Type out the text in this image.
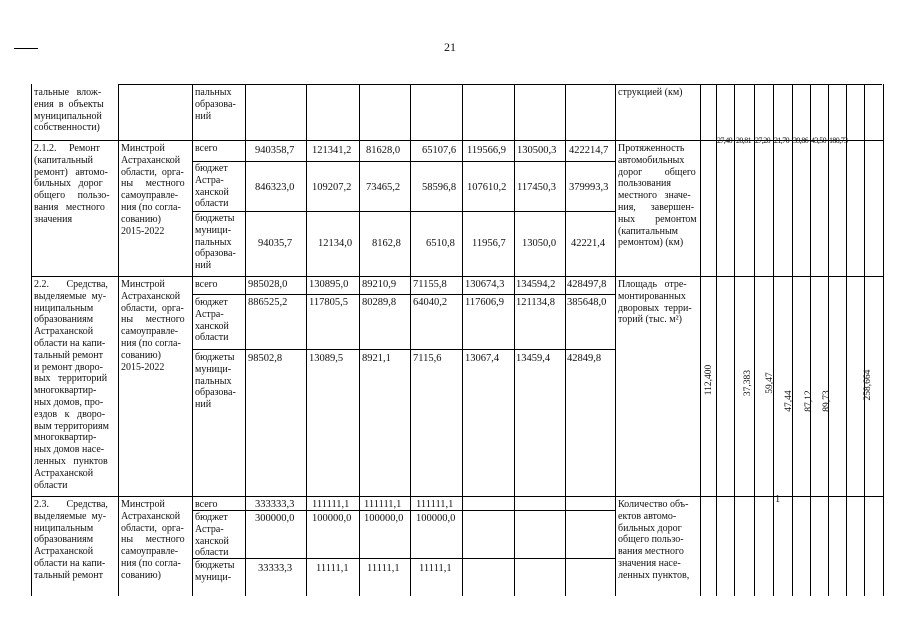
21
тальные   влож-
ения  в  объекты
муниципальной
собственности)
пальных
образова-
ний
струкцией (км)
2.1.2.     Ремонт
(капитальный
ремонт)   автомо-
бильных   дорог
общего     пользо-
вания   местного
значения
Минстрой
Астраханской
области,  орга-
ны     местного
самоуправле-
ния (по согла-
сованию)
2015-2022
всего
бюджет
Астра-
ханской
области
бюджеты
муници-
пальных
образова-
ний
940358,7 121341,2 81628,0 65107,6 119566,9 130500,3 422214,7
846323,0 109207,2 73465,2 58596,8 107610,2 117450,3 379993,3
94035,7 12134,0 8162,8 6510,8 11956,7 13050,0 42221,4
Протяженность
автомобильных
дорог         общего
пользования
местного   значе-
ния,      завершен-
ных        ремонтом
(капитальным
ремонтом) (км)
27,40 20,81 27,20 21,70 39,86 43,50 180,73
2.2.       Средства,
выделяемые  му-
ниципальным
образованиям
Астраханской
области на капи-
тальный ремонт
и ремонт дворо-
вых   территорий
многоквартир-
ных домов, про-
ездов   к   дворо-
вым территориям
многоквартир-
ных домов насе-
ленных   пунктов
Астраханской
области
Минстрой
Астраханской
области,  орга-
ны     местного
самоуправле-
ния (по согла-
сованию)
2015-2022
всего
бюджет
Астра-
ханской
области
бюджеты
муници-
пальных
образова-
ний
985028,0 130895,0 89210,9 71155,8 130674,3 134594,2 428497,8
886525,2 117805,5 80289,8 64040,2 117606,9 121134,8 385648,0
98502,8	13089,5 8921,1 7115,6 13067,4 13459,4 42849,8
Площадь   отре-
монтированных
дворовых  терри-
торий (тыс. м²)
112,400	37,383 59,47
47,44 87,12 89,73
258,664
2.3.       Средства,
выделяемые  му-
ниципальным
образованиям
Астраханской
области на капи-
тальный ремонт
Минстрой
Астраханской
области,  орга-
ны     местного
самоуправле-
ния (по согла-
сованию)
всего
бюджет
Астра-
ханской
области
бюджеты
муници-
333333,3 111111,1 111111,1 111111,1
300000,0 100000,0 100000,0 100000,0
33333,3 11111,1 11111,1 11111,1
Количество объ-
ектов автомо-
бильных дорог
общего пользо-
вания местного
значения насе-
ленных пунктов,
1
